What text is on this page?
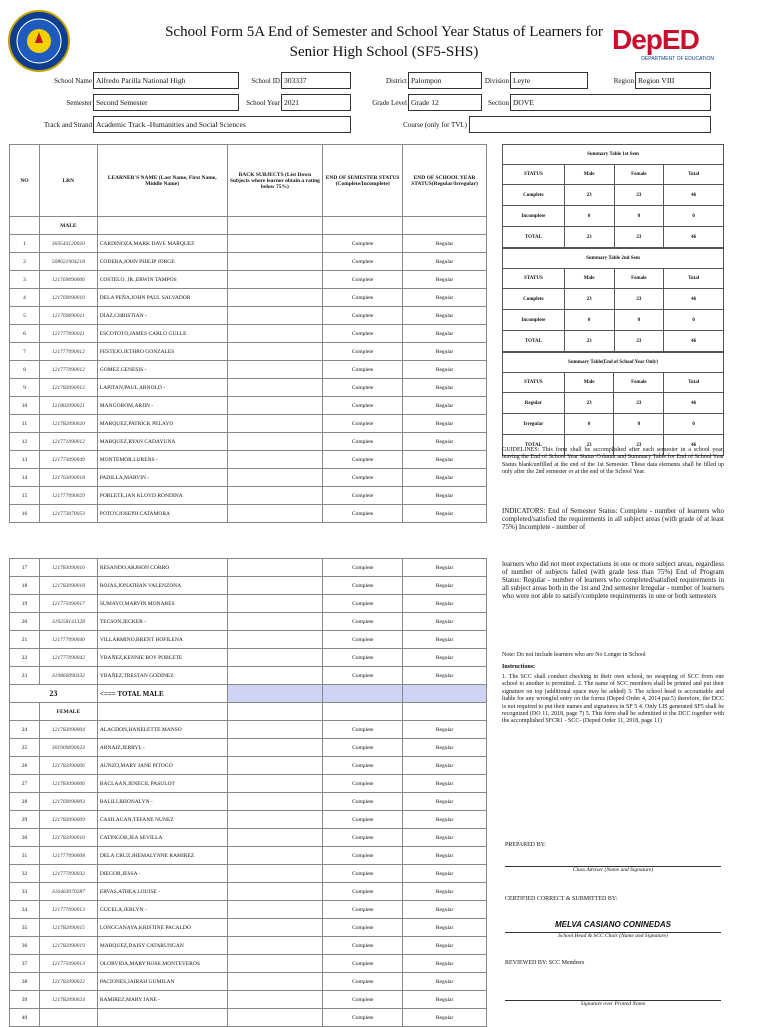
School Form 5A End of Semester and School Year Status of Learners for
Senior High School (SF5-SHS)	DepED
DEPARTMENT OF EDUCATION
School Name Alfredo Parilla National High	School ID 303337	District Palompon	Division Leyte	Region Region VIII
Semester Second Semester	School Year 2021	Grade Level Grade 12	Section DOVE
Track and Strand Academic Track -Humanities and Social Sciences	Course (only for TVL)
NO	LRN	LEARNER'S NAME (Last Name, First Name, Middle Name)	BACK SUBJECTS (List Down Subjects where learner obtain a rating below 75%)	END OF SEMESTER STATUS (Complete/Incomplete)	END OF SCHOOL YEAR STATUS(Regular/Irregular)
	MALE				
1	303543120020	CARDINOZA,MARK DAVE MARQUEZ		Complete	Regular
2	508021904218	CODERA,JOHN PHILIP JORGE		Complete	Regular
3	121769090006	COSTELO, JR.,ERWIN TAMPOS		Complete	Regular
4	121769090010	DELA PEÑA,JOHN PAUL SALVADOR		Complete	Regular
5	121769090011	DIAZ,CHRISTIAN -		Complete	Regular
6	121777090011	ESCOTOTO,JAMES CARLO GULLE		Complete	Regular
7	121777090012	FESTEJO,JETHRO GONZALES		Complete	Regular
8	121777090012	GOMEZ,GENESIS -		Complete	Regular
9	121783090012	LAPITAN,PAUL ARNOLD -		Complete	Regular
10	121802090021	MANGOBOM,ARJIN -		Complete	Regular
11	121782090020	MARQUEZ,PATRICK PELAYO		Complete	Regular
12	121771090012	MARQUEZ,RYAN CADAYUNA		Complete	Regular
13	121773090049	MONTEMOR,LURENS -		Complete	Regular
14	121763090018	PADILLA,MARVIN -		Complete	Regular
15	121777090029	POBLETE,JAN KLOYD RONDINA		Complete	Regular
16	121773070053	POTOY,JOSEPH CATAMORA		Complete	Regular
17	121783090016	RESANDO,ARJHON CORRO		Complete	Regular
18	121783090018	ROJAS,JONATHAN VALENZONA		Complete	Regular
19	121775090017	SUMAYO,MARVIN MONARES		Complete	Regular
20	319258141328	TECSON,JECKER -		Complete	Regular
21	121777090040	VILLARMINO,BRENT HOFILENA		Complete	Regular
22	121777090042	YBAÑEZ,KENNIE BOY POBLETE		Complete	Regular
23	319860090332	YBAÑEZ,TRESTAN GODINEZ		Complete	Regular
23		<=== TOTAL MALE			
	FEMALE				
24	121783090004	ALAGDON,HANELETTE MANSO		Complete	Regular
25	301909090023	ARNAIZ,JERRYL -		Complete	Regular
26	121782090006	AUNZO,MARY JANE PITOGO		Complete	Regular
27	121783090006	BACLAAN,JENECIL PASULOT		Complete	Regular
28	121769090003	BALILI,RHONALYN -		Complete	Regular
29	121783090009	CASILAGAN,TEFANE NUNEZ		Complete	Regular
30	121782090010	CATINGOB,JEA SEVILLA		Complete	Regular
31	121777090008	DELA CRUZ,JHEMALYNNE RAMIREZ		Complete	Regular
32	121777090032	DIEGOR,JESSA -		Complete	Regular
33	316463070287	ERVAS,ATHEA LOUISE -		Complete	Regular
34	121777090013	GUCELA,JERLYN -		Complete	Regular
35	121782090015	LONGCANAYA,KRISTINE PACALDO		Complete	Regular
36	121782090019	MARQUEZ,DAISY CATARUNGAN		Complete	Regular
37	121775090013	OLORVIDA,MARY ROSE MONTEVEROS		Complete	Regular
38	121782090022	PACIONES,JAIRAH GUMILAN		Complete	Regular
39	121782090024	RAMIREZ,MARY JANE -		Complete	Regular
40				Complete	Regular
Summary Table 1st Sem			
STATUS	Male	Female	Total
Complete	23	23	46
Incomplete	0	0	0
TOTAL	23	23	46
Summary Table 2nd Sem			
STATUS	Male	Female	Total
Complete	23	23	46
Incomplete	0	0	0
TOTAL	23	23	46
Summary Table(End of School Year Only)			
STATUS	Male	Female	Total
Regular	23	23	46
Irregular	0	0	0
TOTAL	23	23	46
GUIDELINES: This form shall be accomplished after each semester in a school year, leaving the End of School Year Status Column and Summary Table for End of School Year Status blank/unfilled at the end of the 1st Semester. These data elements shall be filled up only after the 2nd semester or at the end of the School Year.
INDICATORS: End of Semester Status: Complete - number of learners who completed/satisfied the requirements in all subject areas (with grade of at least 75%) Incomplete - number of
learners who did not meet expectations in one or more subject areas, regardless of number of subjects failed (with grade less than 75%) End of Program Status: Regular - number of learners who completed/satisfied requirements in all subject areas both in the 1st and 2nd semester Irregular - number of learners who were not able to satisfy/complete requirements in one or both semesters
Note: Do not include learners who are No Longer in School
Instructions:
1. The SCC shall conduct checking in their own school, no swapping of SCC from one school to another is permitted. 2. The name of SCC members shall be printed and put their signature on top (additional space may be added) 3. The school head is accountable and liable for any wrongful entry on the forms (Deped Order 4, 2014 par.5) therefore, the DCC is not required to put their names and signatures in SF 5 4. Only LIS generated SF5 shall be recognized (DO 11, 2018, page 7) 5. This form shall be submitted to the DCC together with the accomplished SFCR1 - SCC- (Deped Order 11, 2018, page 11)
PREPARED BY:
Class Adviser (Name and Signature)
CERTIFIED CORRECT & SUBMITTED BY:
MELVA CASIANO CONINEDAS
School Head & SCC Chair (Name and Signature)
REVIEWED BY: SCC Members
Signature over Printed Name
